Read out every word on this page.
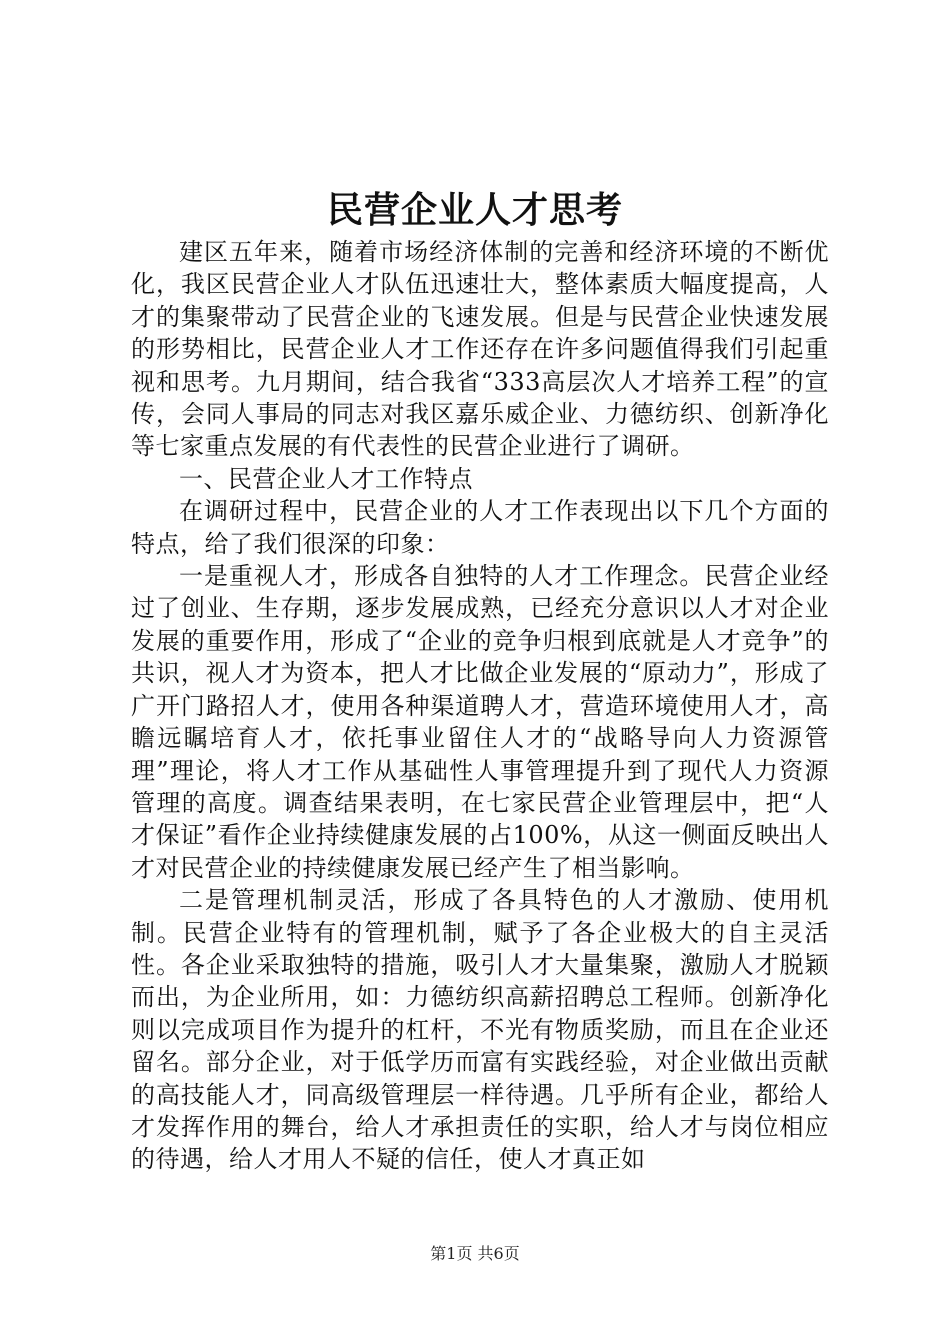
民营企业人才思考

建区五年来，随着市场经济体制的完善和经济环境的不断优化，我区民营企业人才队伍迅速壮大，整体素质大幅度提高，人才的集聚带动了民营企业的飞速发展。但是与民营企业快速发展的形势相比，民营企业人才工作还存在许多问题值得我们引起重视和思考。九月期间，结合我省“333高层次人才培养工程”的宣传，会同人事局的同志对我区嘉乐威企业、力德纺织、创新净化等七家重点发展的有代表性的民营企业进行了调研。

一、民营企业人才工作特点

在调研过程中，民营企业的人才工作表现出以下几个方面的特点，给了我们很深的印象：

一是重视人才，形成各自独特的人才工作理念。民营企业经过了创业、生存期，逐步发展成熟，已经充分意识以人才对企业发展的重要作用，形成了“企业的竞争归根到底就是人才竞争”的共识，视人才为资本，把人才比做企业发展的“原动力”，形成了广开门路招人才，使用各种渠道聘人才，营造环境使用人才，高瞻远瞩培育人才，依托事业留住人才的“战略导向人力资源管理”理论，将人才工作从基础性人事管理提升到了现代人力资源管理的高度。调查结果表明，在七家民营企业管理层中，把“人才保证”看作企业持续健康发展的占100%，从这一侧面反映出人才对民营企业的持续健康发展已经产生了相当影响。

二是管理机制灵活，形成了各具特色的人才激励、使用机制。民营企业特有的管理机制，赋予了各企业极大的自主灵活性。各企业采取独特的措施，吸引人才大量集聚，激励人才脱颖而出，为企业所用，如：力德纺织高薪招聘总工程师。创新净化则以完成项目作为提升的杠杆，不光有物质奖励，而且在企业还留名。部分企业，对于低学历而富有实践经验，对企业做出贡献的高技能人才，同高级管理层一样待遇。几乎所有企业，都给人才发挥作用的舞台，给人才承担责任的实职，给人才与岗位相应的待遇，给人才用人不疑的信任，使人才真正如

第1页 共6页
